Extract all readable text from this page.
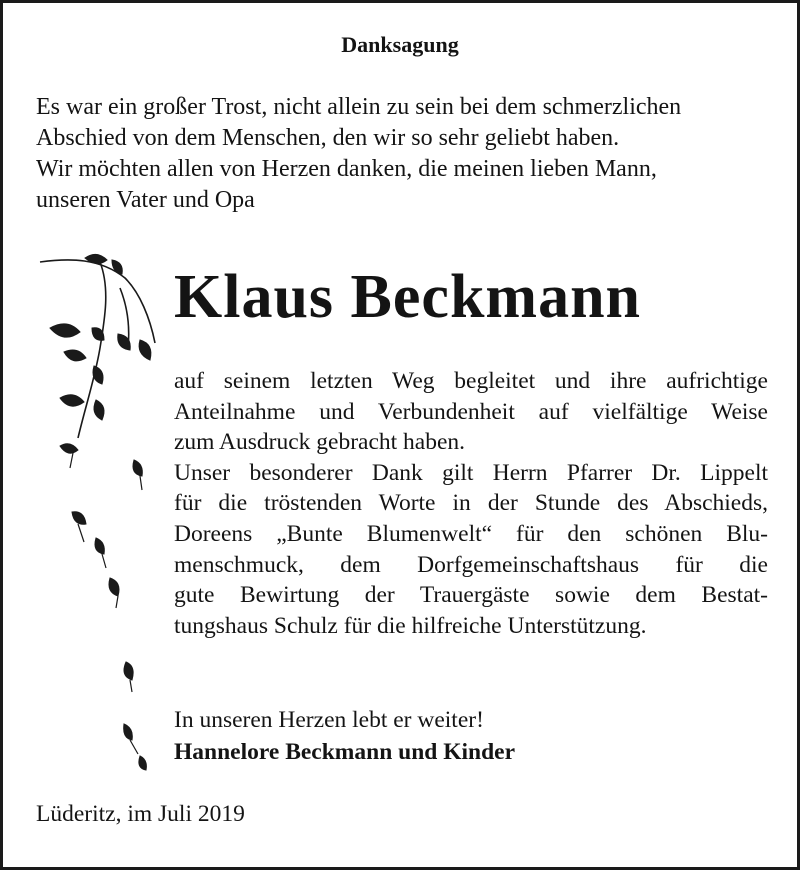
Danksagung
Es war ein großer Trost, nicht allein zu sein bei dem schmerzlichen
Abschied von dem Menschen, den wir so sehr geliebt haben.
Wir möchten allen von Herzen danken, die meinen lieben Mann,
unseren Vater und Opa
Klaus Beckmann
auf seinem letzten Weg begleitet und ihre aufrichtige
Anteilnahme und Verbundenheit auf vielfältige Weise
zum Ausdruck gebracht haben.
Unser besonderer Dank gilt Herrn Pfarrer Dr. Lippelt
für die tröstenden Worte in der Stunde des Abschieds,
Doreens „Bunte Blumenwelt“ für den schönen Blu-
menschmuck, dem Dorfgemeinschaftshaus für die
gute Bewirtung der Trauergäste sowie dem Bestat-
tungshaus Schulz für die hilfreiche Unterstützung.
In unseren Herzen lebt er weiter!
Hannelore Beckmann und Kinder
Lüderitz, im Juli 2019
